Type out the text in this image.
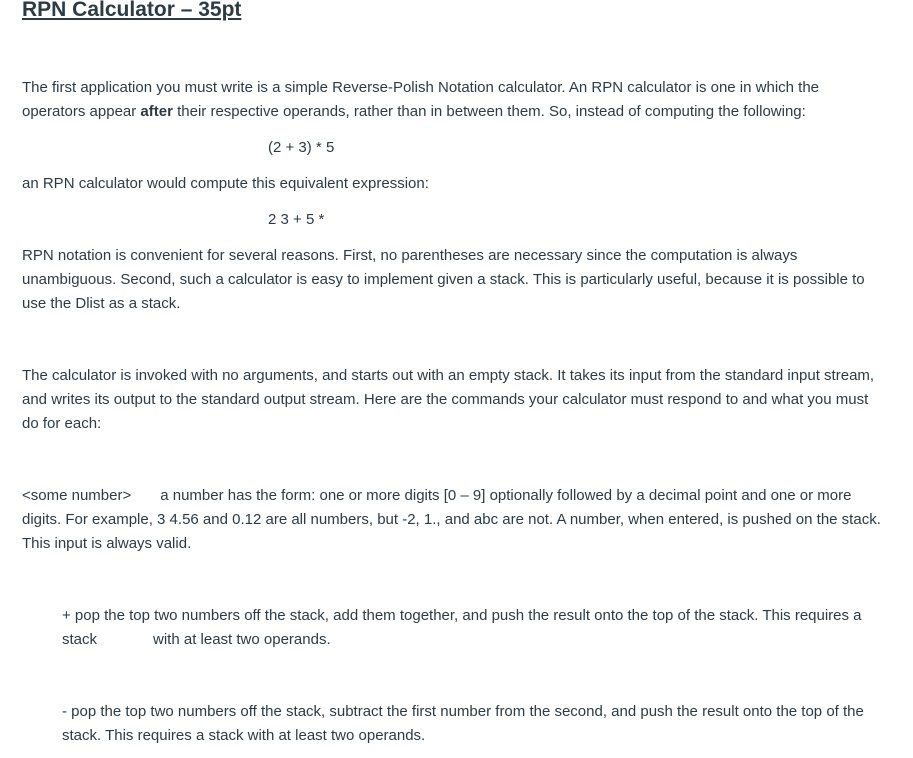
RPN Calculator – 35pt

The first application you must write is a simple Reverse-Polish Notation calculator. An RPN calculator is one in which the operators appear after their respective operands, rather than in between them. So, instead of computing the following:

(2 + 3) * 5

an RPN calculator would compute this equivalent expression:

2 3 + 5 *

RPN notation is convenient for several reasons. First, no parentheses are necessary since the computation is always unambiguous. Second, such a calculator is easy to implement given a stack. This is particularly useful, because it is possible to use the Dlist as a stack.

The calculator is invoked with no arguments, and starts out with an empty stack. It takes its input from the standard input stream, and writes its output to the standard output stream. Here are the commands your calculator must respond to and what you must do for each:

<some number> a number has the form: one or more digits [0 – 9] optionally followed by a decimal point and one or more digits. For example, 3 4.56 and 0.12 are all numbers, but -2, 1., and abc are not. A number, when entered, is pushed on the stack. This input is always valid.

+ pop the top two numbers off the stack, add them together, and push the result onto the top of the stack. This requires a stack	with at least two operands.

- pop the top two numbers off the stack, subtract the first number from the second, and push the result onto the top of the stack. This requires a stack with at least two operands.
